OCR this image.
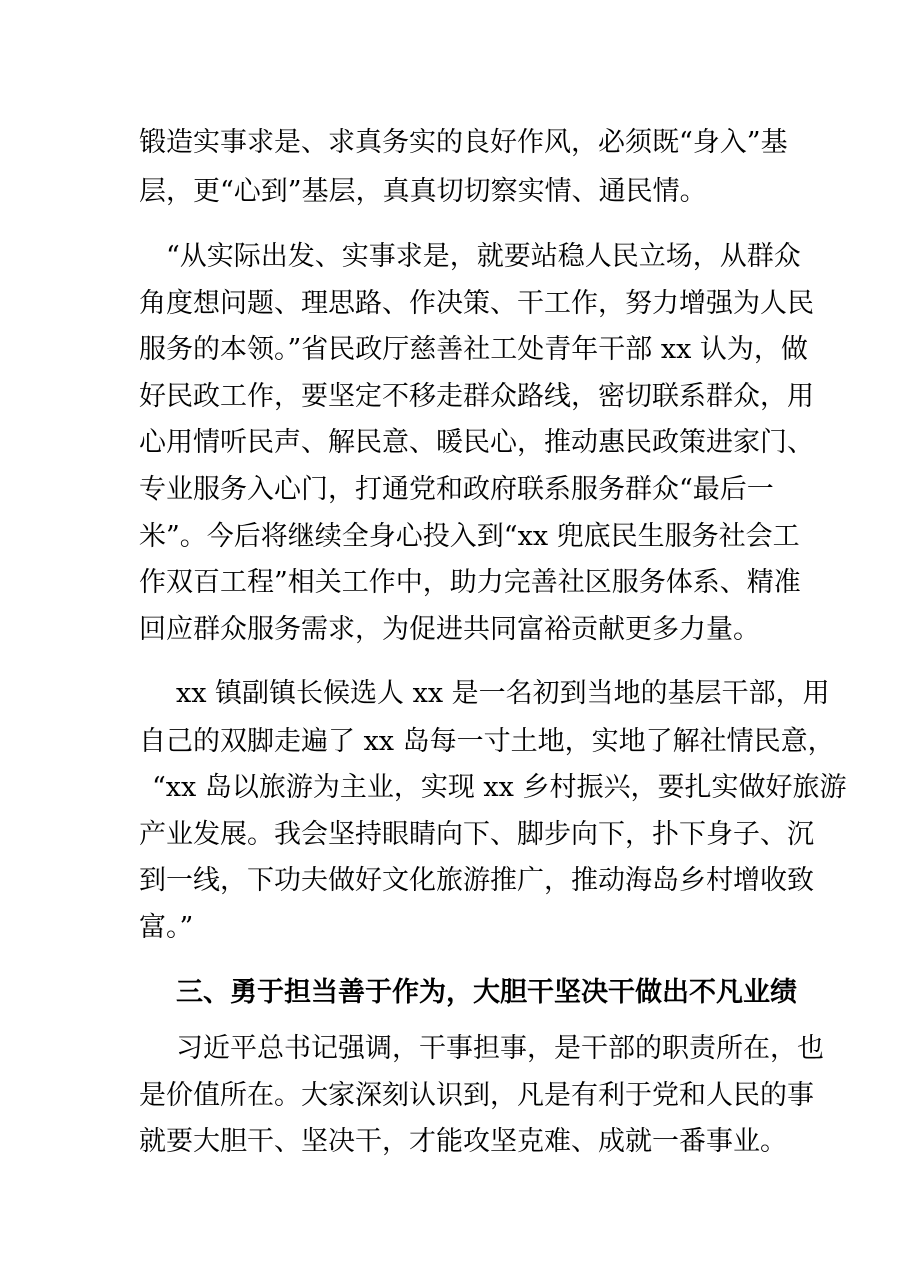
锻造实事求是、求真务实的良好作风，必须既“身入”基

层，更“心到”基层，真真切切察实情、通民情。

“从实际出发、实事求是，就要站稳人民立场，从群众

角度想问题、理思路、作决策、干工作，努力增强为人民

服务的本领。”省民政厅慈善社工处青年干部 xx 认为，做

好民政工作，要坚定不移走群众路线，密切联系群众，用

心用情听民声、解民意、暖民心，推动惠民政策进家门、

专业服务入心门，打通党和政府联系服务群众“最后一

米”。今后将继续全身心投入到“xx 兜底民生服务社会工

作双百工程”相关工作中，助力完善社区服务体系、精准

回应群众服务需求，为促进共同富裕贡献更多力量。

xx 镇副镇长候选人 xx 是一名初到当地的基层干部，用

自己的双脚走遍了 xx 岛每一寸土地，实地了解社情民意，

“xx 岛以旅游为主业，实现 xx 乡村振兴，要扎实做好旅游

产业发展。我会坚持眼睛向下、脚步向下，扑下身子、沉

到一线，下功夫做好文化旅游推广，推动海岛乡村增收致

富。”

三、勇于担当善于作为，大胆干坚决干做出不凡业绩

习近平总书记强调，干事担事，是干部的职责所在，也

是价值所在。大家深刻认识到，凡是有利于党和人民的事

就要大胆干、坚决干，才能攻坚克难、成就一番事业。
